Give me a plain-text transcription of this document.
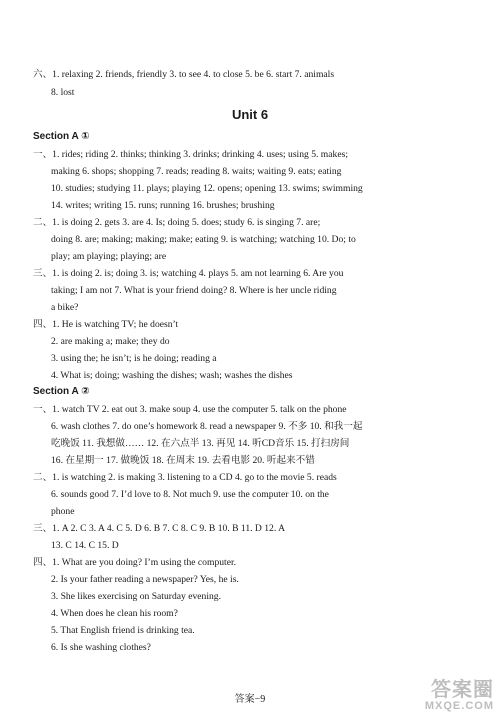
Unit 6
Section A ①
Section A ②
六、1. relaxing 2. friends, friendly 3. to see 4. to close 5. be 6. start 7. animals
8. lost
一、1. rides; riding 2. thinks; thinking 3. drinks; drinking 4. uses; using 5. makes;
making 6. shops; shopping 7. reads; reading 8. waits; waiting 9. eats; eating
10. studies; studying 11. plays; playing 12. opens; opening 13. swims; swimming
14. writes; writing 15. runs; running 16. brushes; brushing
二、1. is doing 2. gets 3. are 4. Is; doing 5. does; study 6. is singing 7. are;
doing 8. are; making; making; make; eating 9. is watching; watching 10. Do; to
play; am playing; playing; are
三、1. is doing 2. is; doing 3. is; watching 4. plays 5. am not learning 6. Are you
taking; I am not 7. What is your friend doing? 8. Where is her uncle riding
a bike?
四、1. He is watching TV; he doesn’t
2. are making a; make; they do
3. using the; he isn’t; is he doing; reading a
4. What is; doing; washing the dishes; wash; washes the dishes
一、1. watch TV 2. eat out 3. make soup 4. use the computer 5. talk on the phone
6. wash clothes 7. do one’s homework 8. read a newspaper 9. 不多 10. 和我一起
吃晚饭 11. 我想做…… 12. 在六点半 13. 再见 14. 听CD音乐 15. 打扫房间
16. 在星期一 17. 做晚饭 18. 在周末 19. 去看电影 20. 听起来不错
二、1. is watching 2. is making 3. listening to a CD 4. go to the movie 5. reads
6. sounds good 7. I’d love to 8. Not much 9. use the computer 10. on the
phone
三、1. A 2. C 3. A 4. C 5. D 6. B 7. C 8. C 9. B 10. B 11. D 12. A
13. C 14. C 15. D
四、1. What are you doing? I’m using the computer.
2. Is your father reading a newspaper? Yes, he is.
3. She likes exercising on Saturday evening.
4. When does he clean his room?
5. That English friend is drinking tea.
6. Is she washing clothes?
答案−9	答案圈
MXQE.COM
